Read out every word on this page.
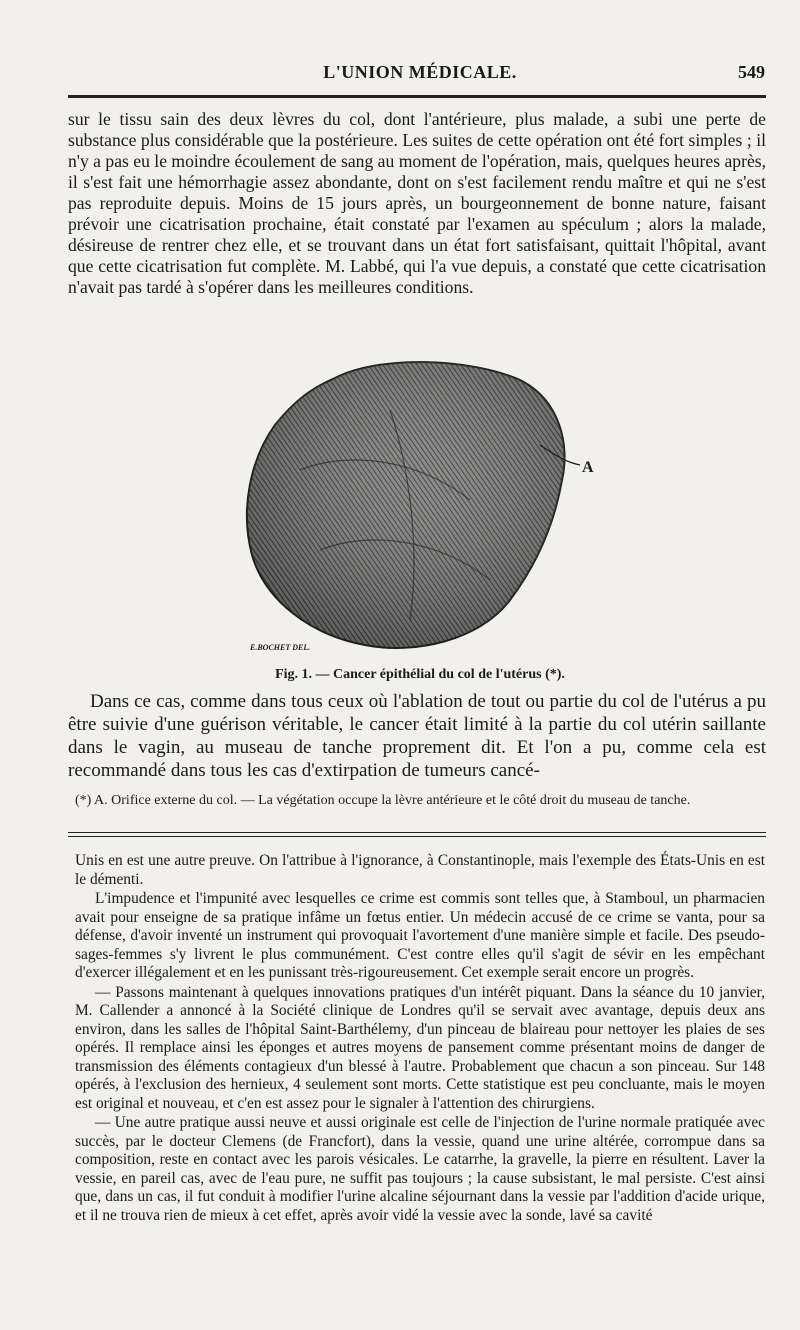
L'UNION MÉDICALE.	549

sur le tissu sain des deux lèvres du col, dont l'antérieure, plus malade, a subi une perte de substance plus considérable que la postérieure. Les suites de cette opération ont été fort simples ; il n'y a pas eu le moindre écoulement de sang au moment de l'opération, mais, quelques heures après, il s'est fait une hémorrhagie assez abondante, dont on s'est facilement rendu maître et qui ne s'est pas reproduite depuis. Moins de 15 jours après, un bourgeonnement de bonne nature, faisant prévoir une cicatrisation prochaine, était constaté par l'examen au spéculum ; alors la malade, désireuse de rentrer chez elle, et se trouvant dans un état fort satisfaisant, quittait l'hôpital, avant que cette cicatrisation fut complète. M. Labbé, qui l'a vue depuis, a constaté que cette cicatrisation n'avait pas tardé à s'opérer dans les meilleures conditions.

A
E.BOCHET DEL.
Fig. 1. — Cancer épithélial du col de l'utérus (*).

Dans ce cas, comme dans tous ceux où l'ablation de tout ou partie du col de l'utérus a pu être suivie d'une guérison véritable, le cancer était limité à la partie du col utérin saillante dans le vagin, au museau de tanche proprement dit. Et l'on a pu, comme cela est recommandé dans tous les cas d'extirpation de tumeurs cancé-

(*) A. Orifice externe du col. — La végétation occupe la lèvre antérieure et le côté droit du museau de tanche.

Unis en est une autre preuve. On l'attribue à l'ignorance, à Constantinople, mais l'exemple des États-Unis en est le démenti.

L'impudence et l'impunité avec lesquelles ce crime est commis sont telles que, à Stamboul, un pharmacien avait pour enseigne de sa pratique infâme un fœtus entier. Un médecin accusé de ce crime se vanta, pour sa défense, d'avoir inventé un instrument qui provoquait l'avortement d'une manière simple et facile. Des pseudo-sages-femmes s'y livrent le plus communément. C'est contre elles qu'il s'agit de sévir en les empêchant d'exercer illégalement et en les punissant très-rigoureusement. Cet exemple serait encore un progrès.

— Passons maintenant à quelques innovations pratiques d'un intérêt piquant. Dans la séance du 10 janvier, M. Callender a annoncé à la Société clinique de Londres qu'il se servait avec avantage, depuis deux ans environ, dans les salles de l'hôpital Saint-Barthélemy, d'un pinceau de blaireau pour nettoyer les plaies de ses opérés. Il remplace ainsi les éponges et autres moyens de pansement comme présentant moins de danger de transmission des éléments contagieux d'un blessé à l'autre. Probablement que chacun a son pinceau. Sur 148 opérés, à l'exclusion des hernieux, 4 seulement sont morts. Cette statistique est peu concluante, mais le moyen est original et nouveau, et c'en est assez pour le signaler à l'attention des chirurgiens.

— Une autre pratique aussi neuve et aussi originale est celle de l'injection de l'urine normale pratiquée avec succès, par le docteur Clemens (de Francfort), dans la vessie, quand une urine altérée, corrompue dans sa composition, reste en contact avec les parois vésicales. Le catarrhe, la gravelle, la pierre en résultent. Laver la vessie, en pareil cas, avec de l'eau pure, ne suffit pas toujours ; la cause subsistant, le mal persiste. C'est ainsi que, dans un cas, il fut conduit à modifier l'urine alcaline séjournant dans la vessie par l'addition d'acide urique, et il ne trouva rien de mieux à cet effet, après avoir vidé la vessie avec la sonde, lavé sa cavité
